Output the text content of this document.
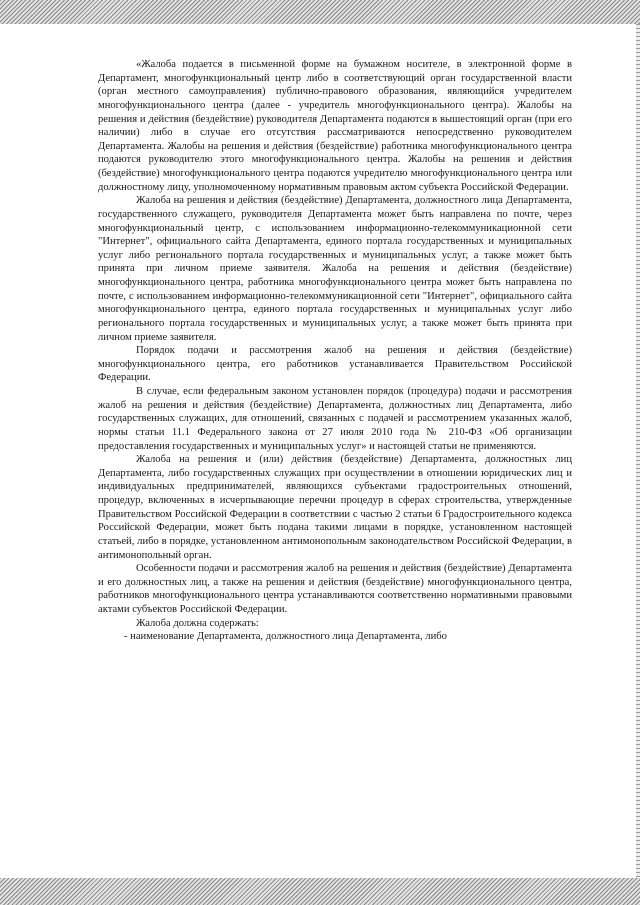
«Жалоба подается в письменной форме на бумажном носителе, в электронной форме в Департамент, многофункциональный центр либо в соответствующий орган государственной власти (орган местного самоуправления) публично-правового образования, являющийся учредителем многофункционального центра (далее - учредитель многофункционального центра). Жалобы на решения и действия (бездействие) руководителя Департамента подаются в вышестоящий орган (при его наличии) либо в случае его отсутствия рассматриваются непосредственно руководителем Департамента. Жалобы на решения и действия (бездействие) работника многофункционального центра подаются руководителю этого многофункционального центра. Жалобы на решения и действия (бездействие) многофункционального центра подаются учредителю многофункционального центра или должностному лицу, уполномоченному нормативным правовым актом субъекта Российской Федерации.

Жалоба на решения и действия (бездействие) Департамента, должностного лица Департамента, государственного служащего, руководителя Департамента может быть направлена по почте, через многофункциональный центр, с использованием информационно-телекоммуникационной сети "Интернет", официального сайта Департамента, единого портала государственных и муниципальных услуг либо регионального портала государственных и муниципальных услуг, а также может быть принята при личном приеме заявителя. Жалоба на решения и действия (бездействие) многофункционального центра, работника многофункционального центра может быть направлена по почте, с использованием информационно-телекоммуникационной сети "Интернет", официального сайта многофункционального центра, единого портала государственных и муниципальных услуг либо регионального портала государственных и муниципальных услуг, а также может быть принята при личном приеме заявителя.

Порядок подачи и рассмотрения жалоб на решения и действия (бездействие) многофункционального центра, его работников устанавливается Правительством Российской Федерации.

В случае, если федеральным законом установлен порядок (процедура) подачи и рассмотрения жалоб на решения и действия (бездействие) Департамента, должностных лиц Департамента, либо государственных служащих, для отношений, связанных с подачей и рассмотрением указанных жалоб, нормы статьи 11.1 Федерального закона от 27 июля 2010 года № 210-ФЗ «Об организации предоставления государственных и муниципальных услуг» и настоящей статьи не применяются.

Жалоба на решения и (или) действия (бездействие) Департамента, должностных лиц Департамента, либо государственных служащих при осуществлении в отношении юридических лиц и индивидуальных предпринимателей, являющихся субъектами градостроительных отношений, процедур, включенных в исчерпывающие перечни процедур в сферах строительства, утвержденные Правительством Российской Федерации в соответствии с частью 2 статьи 6 Градостроительного кодекса Российской Федерации, может быть подана такими лицами в порядке, установленном настоящей статьей, либо в порядке, установленном антимонопольным законодательством Российской Федерации, в антимонопольный орган.

Особенности подачи и рассмотрения жалоб на решения и действия (бездействие) Департамента и его должностных лиц, а также на решения и действия (бездействие) многофункционального центра, работников многофункционального центра устанавливаются соответственно нормативными правовыми актами субъектов Российской Федерации.

Жалоба должна содержать:

- наименование Департамента, должностного лица Департамента, либо
